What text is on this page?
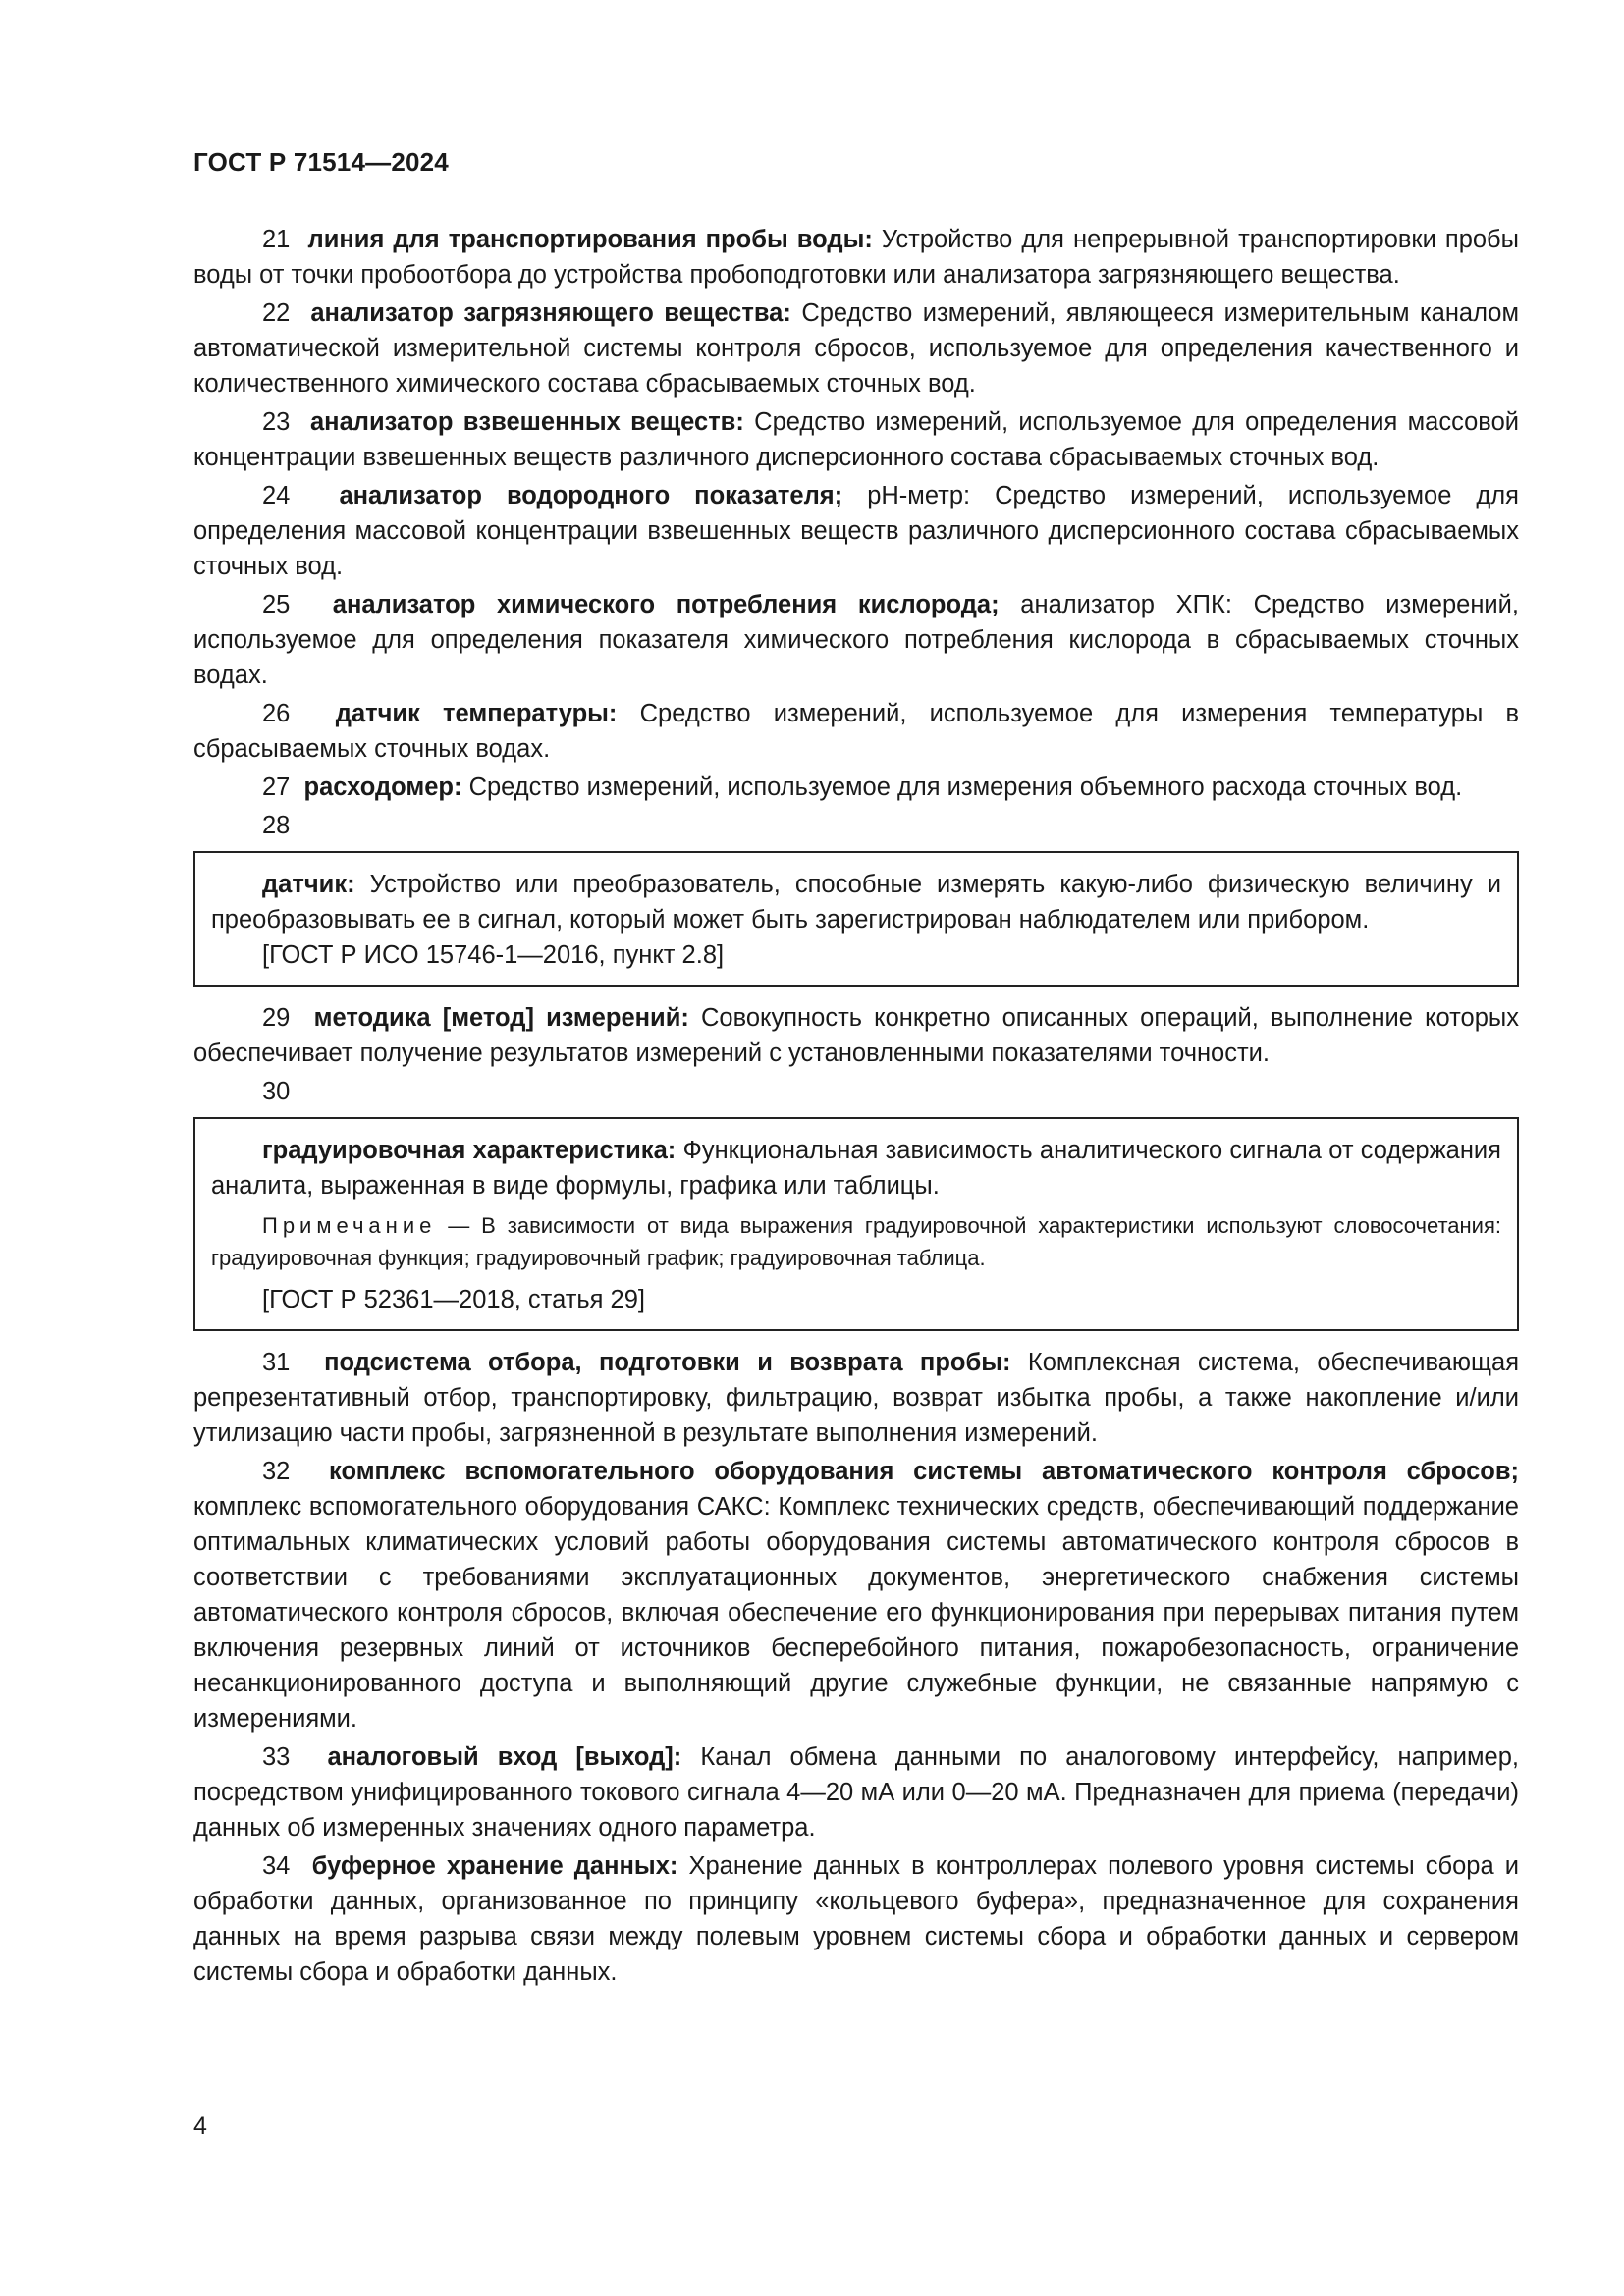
ГОСТ Р 71514—2024

21 линия для транспортирования пробы воды: Устройство для непрерывной транспортировки пробы воды от точки пробоотбора до устройства пробоподготовки или анализатора загрязняющего вещества.

22 анализатор загрязняющего вещества: Средство измерений, являющееся измерительным каналом автоматической измерительной системы контроля сбросов, используемое для определения качественного и количественного химического состава сбрасываемых сточных вод.

23 анализатор взвешенных веществ: Средство измерений, используемое для определения массовой концентрации взвешенных веществ различного дисперсионного состава сбрасываемых сточных вод.

24 анализатор водородного показателя; pH-метр: Средство измерений, используемое для определения массовой концентрации взвешенных веществ различного дисперсионного состава сбрасываемых сточных вод.

25 анализатор химического потребления кислорода; анализатор ХПК: Средство измерений, используемое для определения показателя химического потребления кислорода в сбрасываемых сточных водах.

26 датчик температуры: Средство измерений, используемое для измерения температуры в сбрасываемых сточных водах.

27 расходомер: Средство измерений, используемое для измерения объемного расхода сточных вод.

28

датчик: Устройство или преобразователь, способные измерять какую-либо физическую величину и преобразовывать ее в сигнал, который может быть зарегистрирован наблюдателем или прибором.

[ГОСТ Р ИСО 15746-1—2016, пункт 2.8]

29 методика [метод] измерений: Совокупность конкретно описанных операций, выполнение которых обеспечивает получение результатов измерений с установленными показателями точности.

30

градуировочная характеристика: Функциональная зависимость аналитического сигнала от содержания аналита, выраженная в виде формулы, графика или таблицы.

Примечание — В зависимости от вида выражения градуировочной характеристики используют словосочетания: градуировочная функция; градуировочный график; градуировочная таблица.

[ГОСТ Р 52361—2018, статья 29]

31 подсистема отбора, подготовки и возврата пробы: Комплексная система, обеспечивающая репрезентативный отбор, транспортировку, фильтрацию, возврат избытка пробы, а также накопление и/или утилизацию части пробы, загрязненной в результате выполнения измерений.

32 комплекс вспомогательного оборудования системы автоматического контроля сбросов; комплекс вспомогательного оборудования САКС: Комплекс технических средств, обеспечивающий поддержание оптимальных климатических условий работы оборудования системы автоматического контроля сбросов в соответствии с требованиями эксплуатационных документов, энергетического снабжения системы автоматического контроля сбросов, включая обеспечение его функционирования при перерывах питания путем включения резервных линий от источников бесперебойного питания, пожаробезопасность, ограничение несанкционированного доступа и выполняющий другие служебные функции, не связанные напрямую с измерениями.

33 аналоговый вход [выход]: Канал обмена данными по аналоговому интерфейсу, например, посредством унифицированного токового сигнала 4—20 мА или 0—20 мА. Предназначен для приема (передачи) данных об измеренных значениях одного параметра.

34 буферное хранение данных: Хранение данных в контроллерах полевого уровня системы сбора и обработки данных, организованное по принципу «кольцевого буфера», предназначенное для сохранения данных на время разрыва связи между полевым уровнем системы сбора и обработки данных и сервером системы сбора и обработки данных.

4
